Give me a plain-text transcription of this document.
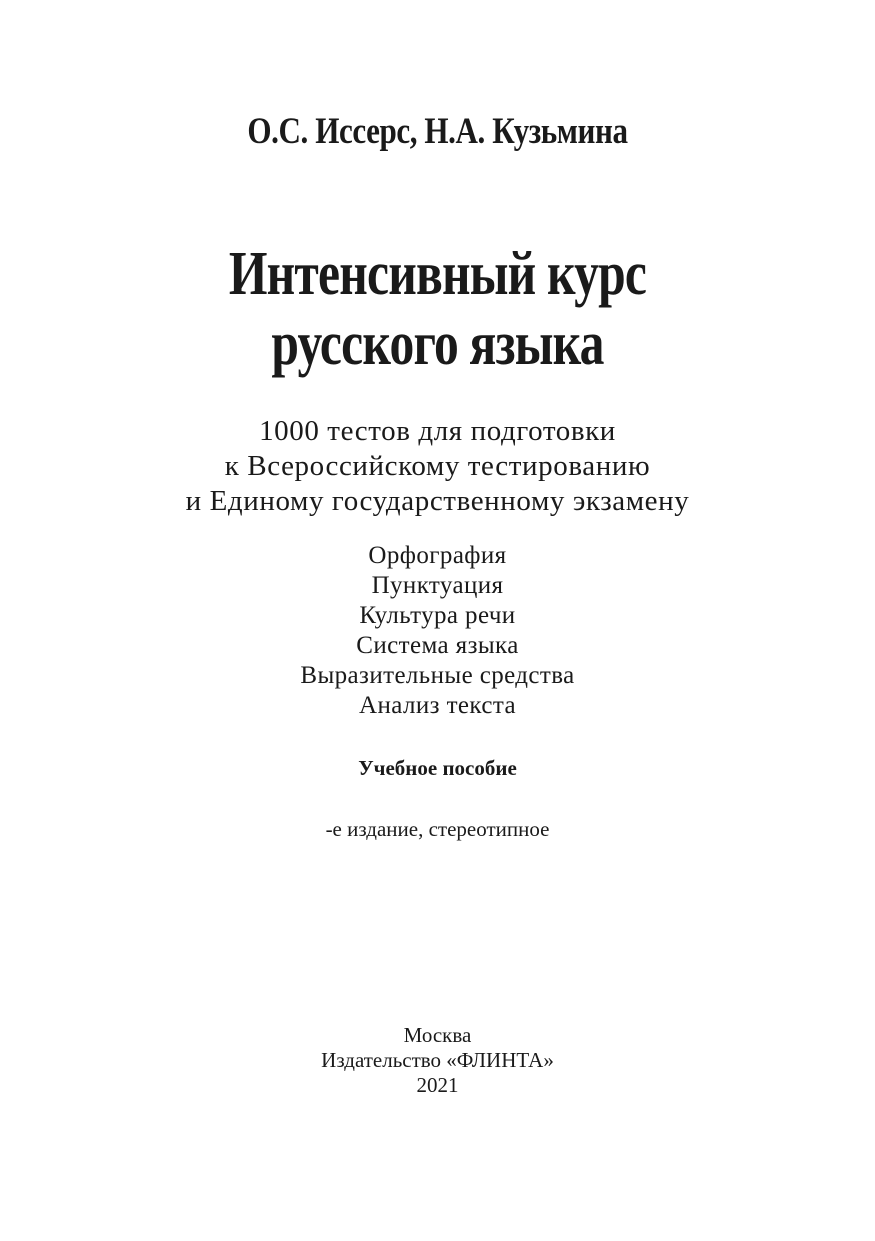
О.С. Иссерс, Н.А. Кузьмина
Интенсивный курс
русского языка
1000 тестов для подготовки
к Всероссийскому тестированию
и Единому государственному экзамену
Орфография
Пунктуация
Культура речи
Система языка
Выразительные средства
Анализ текста
Учебное пособие
-е издание, стереотипное
Москва
Издательство «ФЛИНТА»
2021
